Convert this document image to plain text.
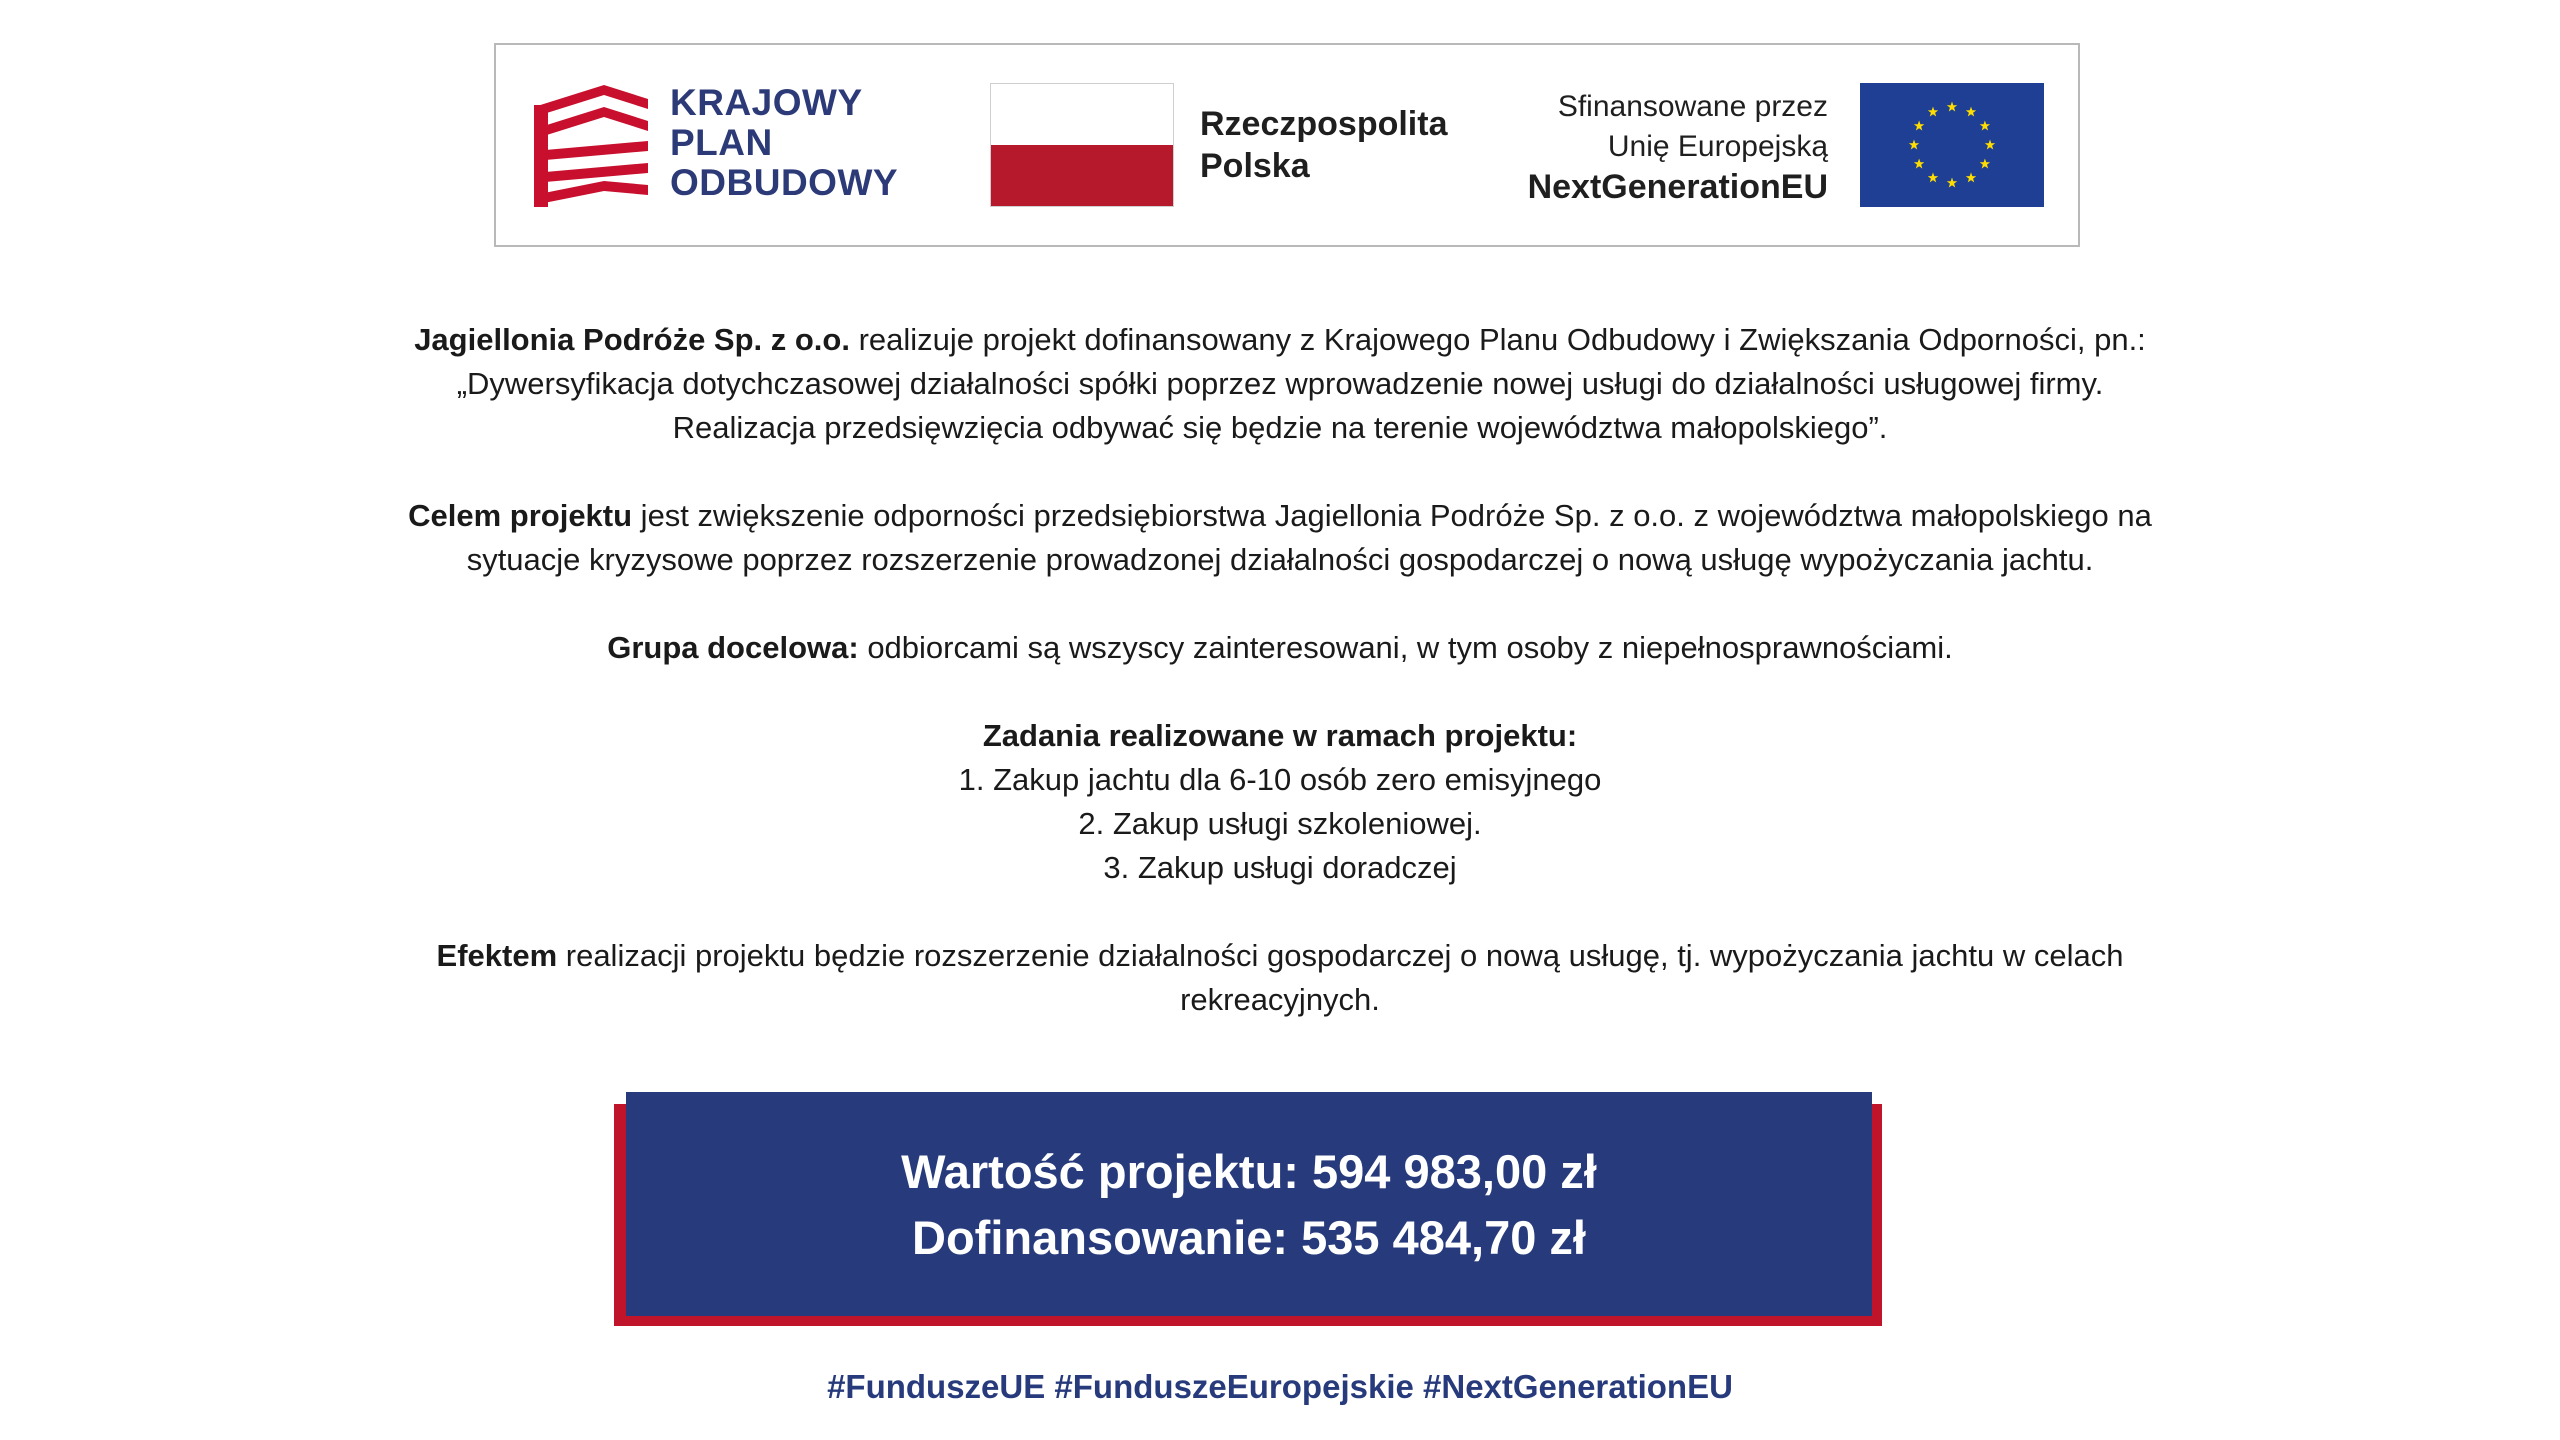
KRAJOWY
PLAN
ODBUDOWY
Rzeczpospolita
Polska
Sfinansowane przez
Unię Europejską
NextGenerationEU

Jagiellonia Podróże Sp. z o.o. realizuje projekt dofinansowany z Krajowego Planu Odbudowy i Zwiększania Odporności, pn.:

„Dywersyfikacja dotychczasowej działalności spółki poprzez wprowadzenie nowej usługi do działalności usługowej firmy.

Realizacja przedsięwzięcia odbywać się będzie na terenie województwa małopolskiego”.

Celem projektu jest zwiększenie odporności przedsiębiorstwa Jagiellonia Podróże Sp. z o.o. z województwa małopolskiego na

sytuacje kryzysowe poprzez rozszerzenie prowadzonej działalności gospodarczej o nową usługę wypożyczania jachtu.

Grupa docelowa: odbiorcami są wszyscy zainteresowani, w tym osoby z niepełnosprawnościami.

Zadania realizowane w ramach projektu:

1. Zakup jachtu dla 6-10 osób zero emisyjnego

2. Zakup usługi szkoleniowej.

3. Zakup usługi doradczej

Efektem realizacji projektu będzie rozszerzenie działalności gospodarczej o nową usługę, tj. wypożyczania jachtu w celach

rekreacyjnych.

Wartość projektu: 594 983,00 zł
Dofinansowanie: 535 484,70 zł
#FunduszeUE #FunduszeEuropejskie #NextGenerationEU
